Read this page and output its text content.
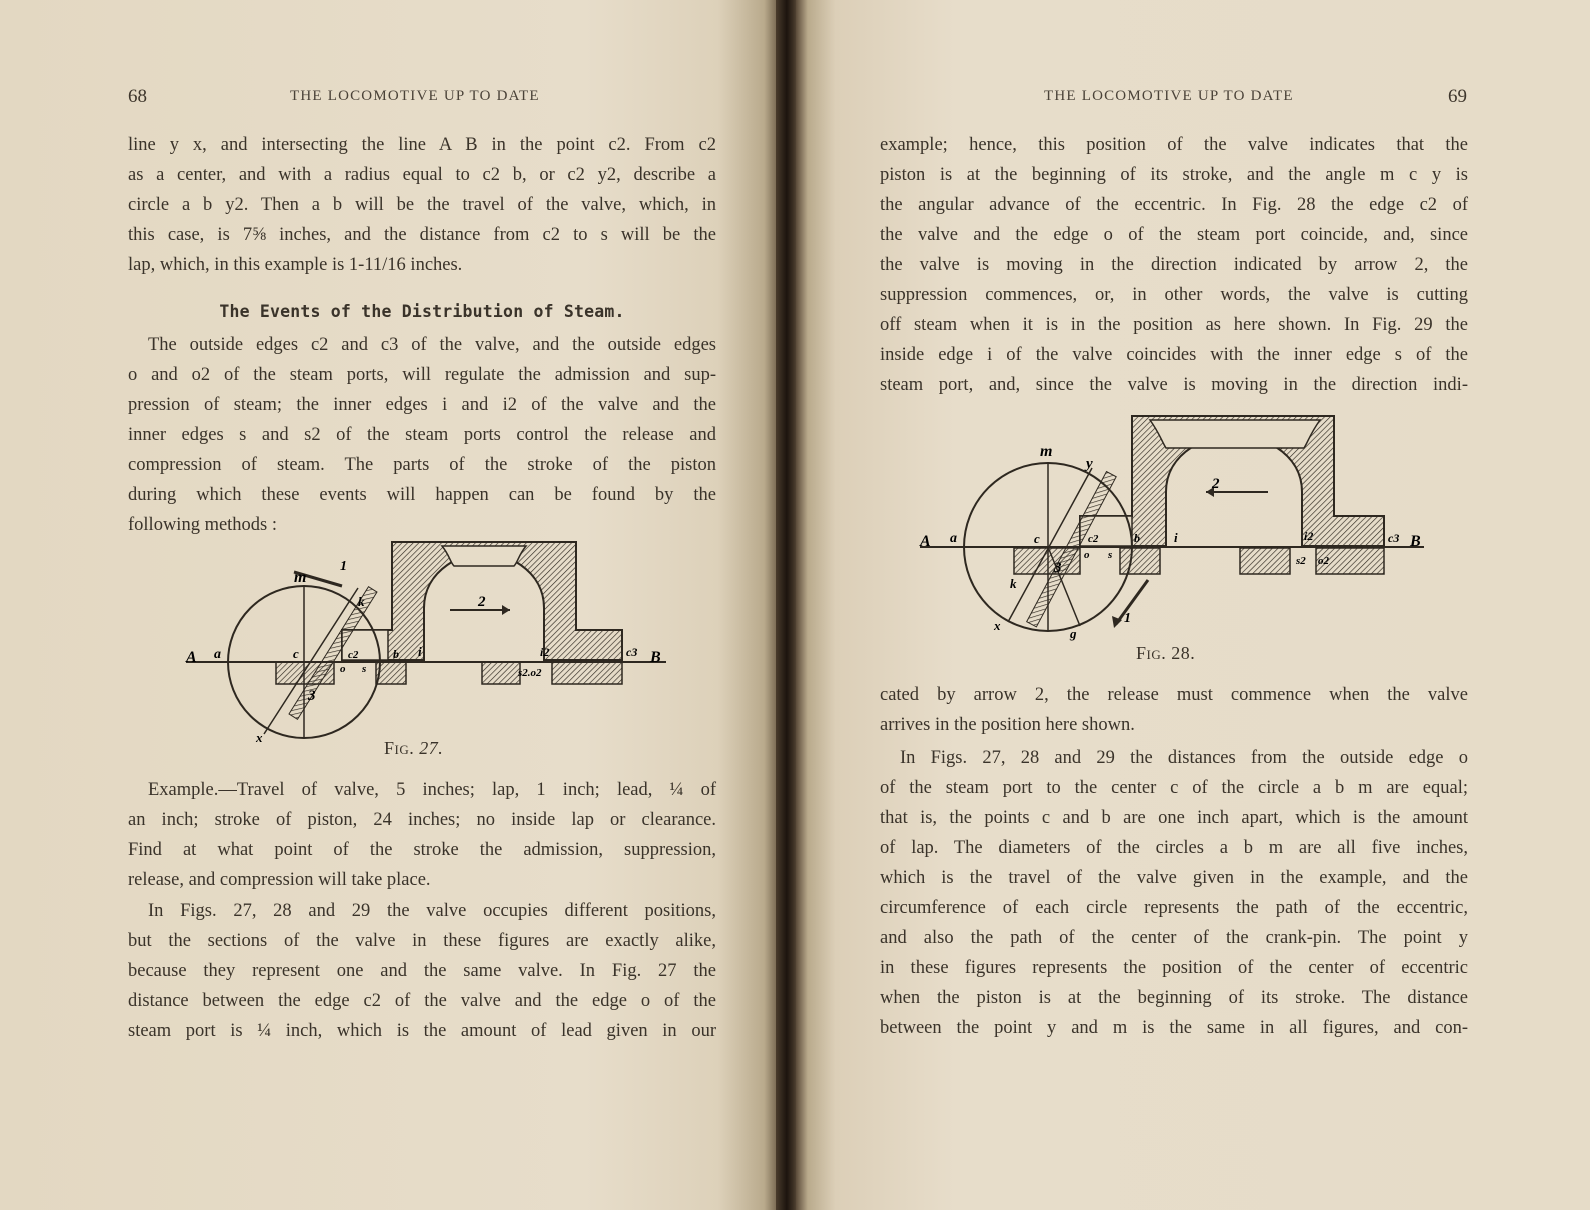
68	THE LOCOMOTIVE UP TO DATE
line y x, and intersecting the line A B in the point c2. From c2
as a center, and with a radius equal to c2 b, or c2 y2, describe a
circle a b y2. Then a b will be the travel of the valve, which, in
this case, is 7⅝ inches, and the distance from c2 to s will be the
lap, which, in this example is 1-11/16 inches.
The Events of the Distribution of Steam.
The outside edges c2 and c3 of the valve, and the outside edges
o and o2 of the steam ports, will regulate the admission and sup-
pression of steam; the inner edges i and i2 of the valve and the
inner edges s and s2 of the steam ports control the release and
compression of steam. The parts of the stroke of the piston
during which these events will happen can be found by the
following methods :
A a	c	c2
o s
b i	i2
s2.o2
c3 B
m
1
k
3
2
x
Fig. 27.
Example.—Travel of valve, 5 inches; lap, 1 inch; lead, ¼ of
an inch; stroke of piston, 24 inches; no inside lap or clearance.
Find at what point of the stroke the admission, suppression,
release, and compression will take place.
In Figs. 27, 28 and 29 the valve occupies different positions,
but the sections of the valve in these figures are exactly alike,
because they represent one and the same valve. In Fig. 27 the
distance between the edge c2 of the valve and the edge o of the
steam port is ¼ inch, which is the amount of lead given in our
THE LOCOMOTIVE UP TO DATE	69
example; hence, this position of the valve indicates that the
piston is at the beginning of its stroke, and the angle m c y is
the angular advance of the eccentric. In Fig. 28 the edge c2 of
the valve and the edge o of the steam port coincide, and, since
the valve is moving in the direction indicated by arrow 2, the
suppression commences, or, in other words, the valve is cutting
off steam when it is in the position as here shown. In Fig. 29 the
inside edge i of the valve coincides with the inner edge s of the
steam port, and, since the valve is moving in the direction indi-
A a	c	c2
o s
b	i	i2
s2 o2
c3 B
m
y
2
3
k
x
g
1
Fig. 28.
cated by arrow 2, the release must commence when the valve
arrives in the position here shown.
In Figs. 27, 28 and 29 the distances from the outside edge o
of the steam port to the center c of the circle a b m are equal;
that is, the points c and b are one inch apart, which is the amount
of lap. The diameters of the circles a b m are all five inches,
which is the travel of the valve given in the example, and the
circumference of each circle represents the path of the eccentric,
and also the path of the center of the crank-pin. The point y
in these figures represents the position of the center of eccentric
when the piston is at the beginning of its stroke. The distance
between the point y and m is the same in all figures, and con-
